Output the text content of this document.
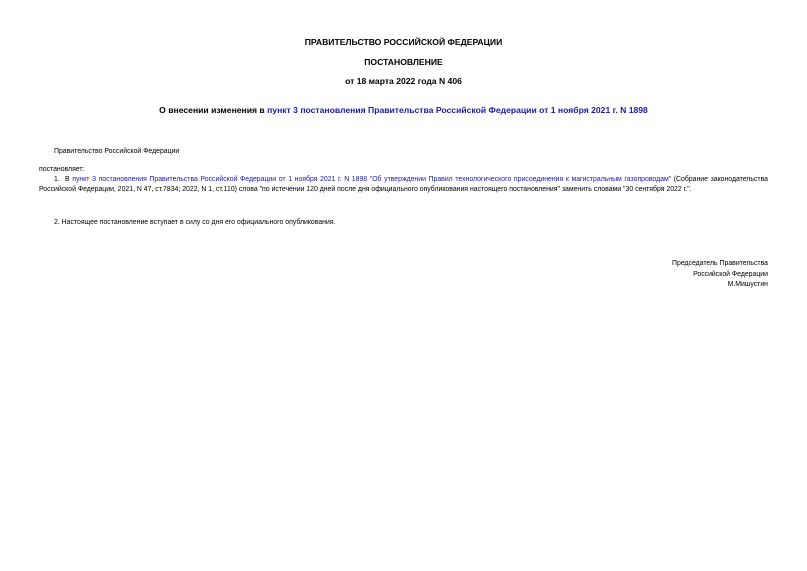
ПРАВИТЕЛЬСТВО РОССИЙСКОЙ ФЕДЕРАЦИИ
ПОСТАНОВЛЕНИЕ
от 18 марта 2022 года N 406
О внесении изменения в пункт 3 постановления Правительства Российской Федерации от 1 ноября 2021 г. N 1898
Правительство Российской Федерации
постановляет:
1. В пункт 3 постановления Правительства Российской Федерации от 1 ноября 2021 г. N 1898 "Об утверждении Правил технологического присоединения к магистральным газопроводам" (Собрание законодательства Российской Федерации, 2021, N 47, ст.7834; 2022, N 1, ст.110) слова "по истечении 120 дней после дня официального опубликования настоящего постановления" заменить словами "30 сентября 2022 г.".
2. Настоящее постановление вступает в силу со дня его официального опубликования.
Председатель Правительства
Российской Федерации
М.Мишустин
